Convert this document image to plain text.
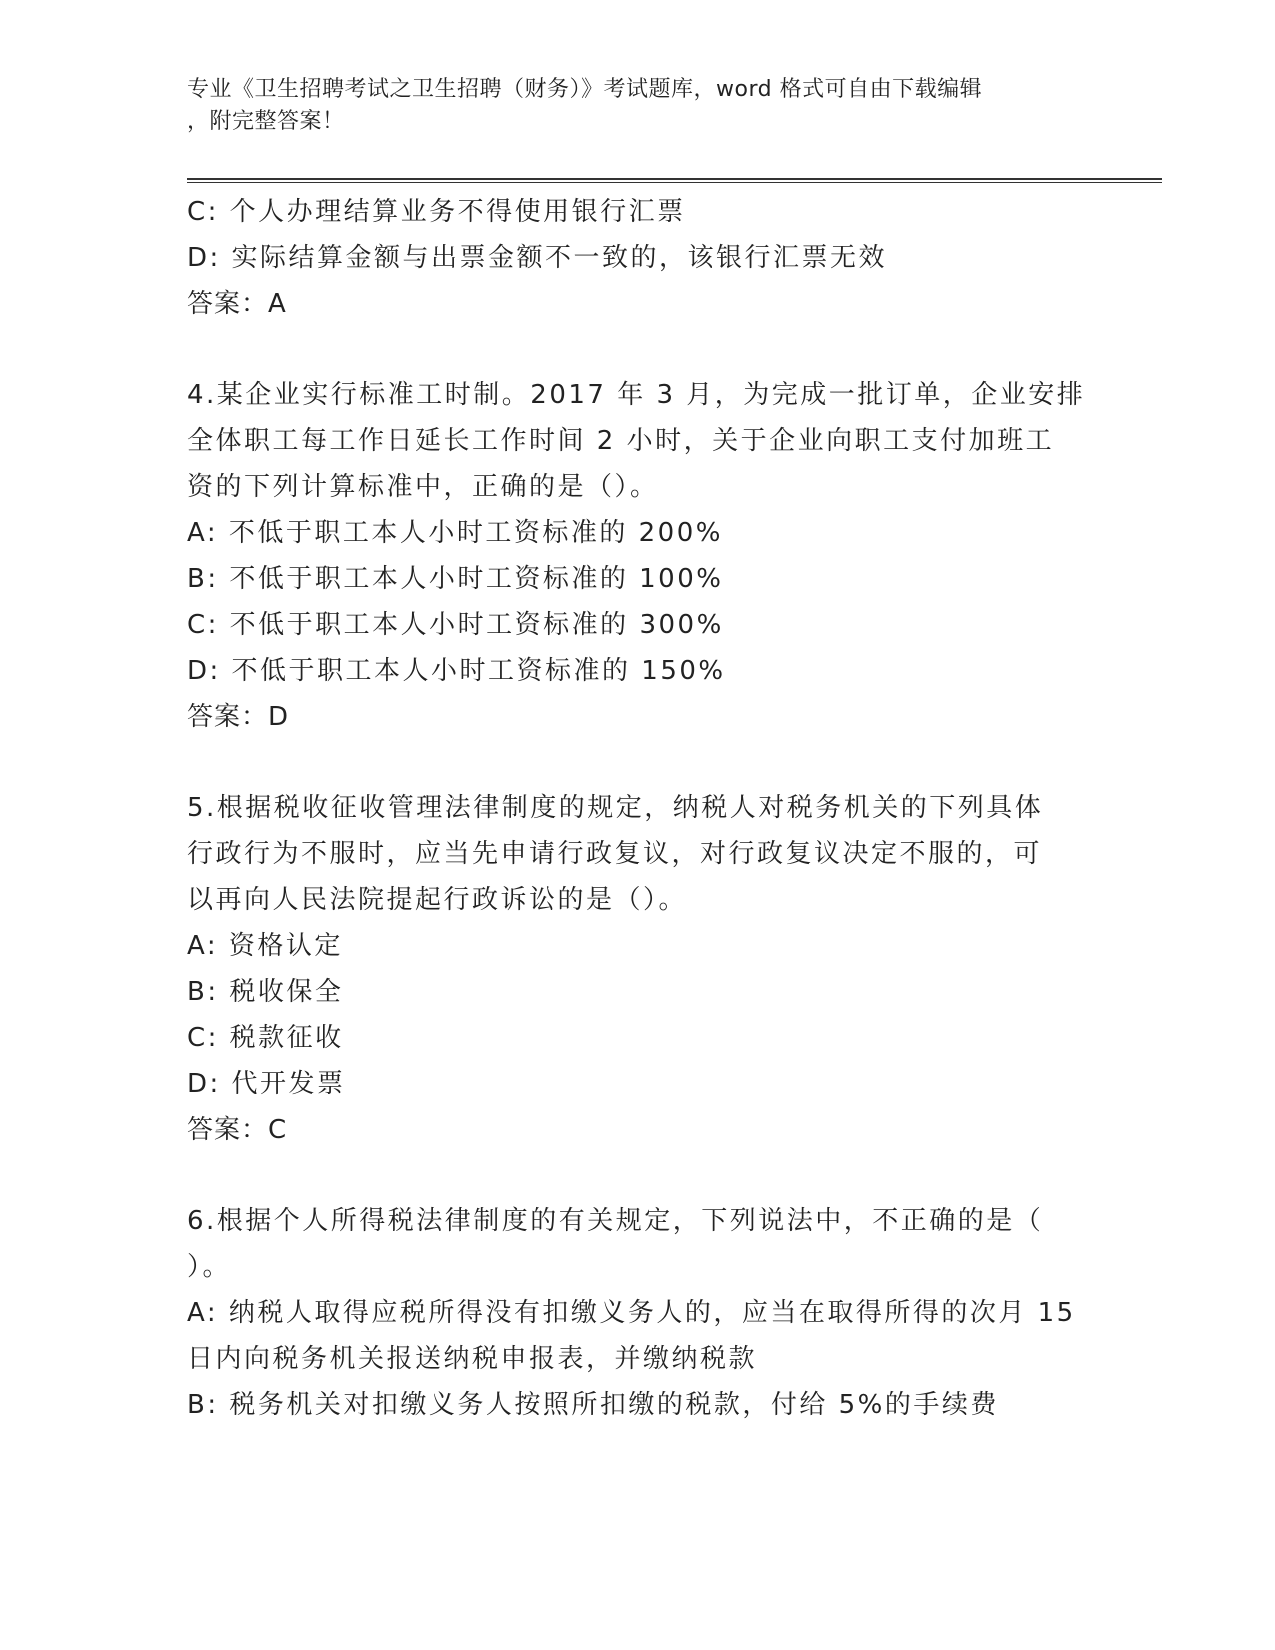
专业《卫生招聘考试之卫生招聘（财务）》考试题库，word 格式可自由下载编辑
，附完整答案！
C: 个人办理结算业务不得使用银行汇票
D: 实际结算金额与出票金额不一致的，该银行汇票无效
答案：A
4.某企业实行标准工时制。2017 年 3 月，为完成一批订单，企业安排
全体职工每工作日延长工作时间 2 小时，关于企业向职工支付加班工
资的下列计算标准中，正确的是（）。
A: 不低于职工本人小时工资标准的 200%
B: 不低于职工本人小时工资标准的 100%
C: 不低于职工本人小时工资标准的 300%
D: 不低于职工本人小时工资标准的 150%
答案：D
5.根据税收征收管理法律制度的规定，纳税人对税务机关的下列具体
行政行为不服时，应当先申请行政复议，对行政复议决定不服的，可
以再向人民法院提起行政诉讼的是（）。
A: 资格认定
B: 税收保全
C: 税款征收
D: 代开发票
答案：C
6.根据个人所得税法律制度的有关规定，下列说法中，不正确的是（
）。
A: 纳税人取得应税所得没有扣缴义务人的，应当在取得所得的次月 15
日内向税务机关报送纳税申报表，并缴纳税款
B: 税务机关对扣缴义务人按照所扣缴的税款，付给 5%的手续费
